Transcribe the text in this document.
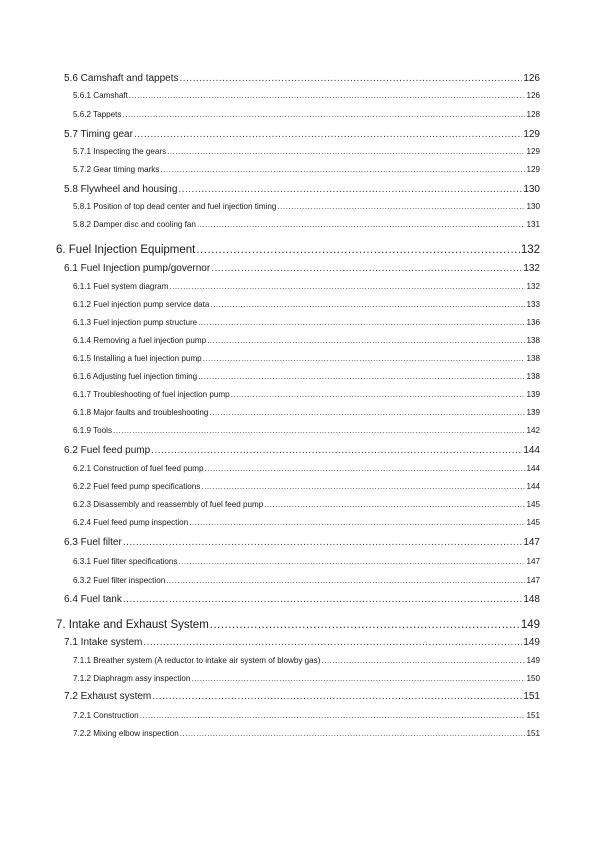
5.6 Camshaft and tappets .....	126
5.6.1 Camshaft .....	126
5.6.2 Tappets .....	128
5.7 Timing gear .....	129
5.7.1 Inspecting the gears .....	129
5.7.2 Gear timing marks .....	129
5.8 Flywheel and housing .....	130
5.8.1 Position of top dead center and fuel injection timing .....	130
5.8.2 Damper disc and cooling fan .....	131
6. Fuel Injection Equipment .....	132
6.1 Fuel Injection pump/governor .....	132
6.1.1 Fuel system diagram .....	132
6.1.2 Fuel injection pump service data .....	133
6.1.3 Fuel injection pump structure .....	136
6.1.4 Removing a fuel injection pump .....	138
6.1.5 Installing a fuel injection pump .....	138
6.1.6 Adjusting fuel injection timing .....	138
6.1.7 Troubleshooting of fuel injection pump .....	139
6.1.8 Major faults and troubleshooting .....	139
6.1.9 Tools .....	142
6.2 Fuel feed pump .....	144
6.2.1 Construction of fuel feed pump .....	144
6.2.2 Fuel feed pump specifications .....	144
6.2.3 Disassembly and reassembly of fuel feed pump .....	145
6.2.4 Fuel feed pump inspection .....	145
6.3 Fuel filter .....	147
6.3.1 Fuel filter specifications .....	147
6.3.2 Fuel filter inspection .....	147
6.4 Fuel tank .....	148
7. Intake and Exhaust System .....	149
7.1 Intake system .....	149
7.1.1 Breather system (A reductor to intake air system of blowby gas) .....	149
7.1.2 Diaphragm assy inspection .....	150
7.2 Exhaust system .....	151
7.2.1 Construction .....	151
7.2.2 Mixing elbow inspection .....	151
